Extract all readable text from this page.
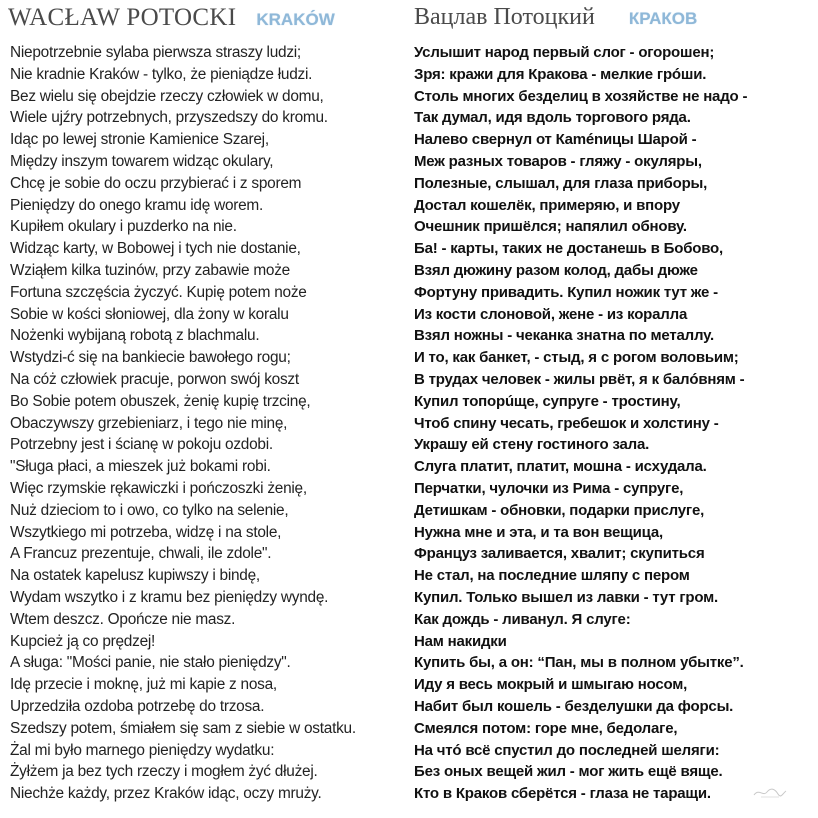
WACŁAW POTOCKI KRAKÓW	Вацлав Потоцкий КРАКОВ
Niepotrzebnie sylaba pierwsza straszy ludzi;
Nie kradnie Kraków - tylko, że pieniądze łudzi.
Bez wielu się obejdzie rzeczy człowiek w domu,
Wiele ujźry potrzebnych, przyszedszy do kromu.
Idąc po lewej stronie Kamienice Szarej,
Między inszym towarem widząc okulary,
Chcę je sobie do oczu przybierać i z sporem
Pieniędzy do onego kramu idę worem.
Kupiłem okulary i puzderko na nie.
Widząc karty, w Bobowej i tych nie dostanie,
Wziąłem kilka tuzinów, przy zabawie może
Fortuna szczęścia życzyć. Kupię potem noże
Sobie w kości słoniowej, dla żony w koralu
Nożenki wybijaną robotą z blachmalu.
Wstydzi-ć się na bankiecie bawołego rogu;
Na cóż człowiek pracuje, porwon swój koszt
Bo Sobie potem obuszek, żenię kupię trzcinę,
Obaczywszy grzebieniarz, i tego nie minę,
Potrzebny jest i ścianę w pokoju ozdobi.
"Sługa płaci, a mieszek już bokami robi.
Więc rzymskie rękawiczki i pończoszki żenię,
Nuż dzieciom to i owo, co tylko na selenie,
Wszytkiego mi potrzeba, widzę i na stole,
A Francuz prezentuje, chwali, ile zdole".
Na ostatek kapelusz kupiwszy i bindę,
Wydam wszytko i z kramu bez pieniędzy wyndę.
Wtem deszcz. Opończe nie masz.
Kupcież ją co prędzej!
A sługa: "Mości panie, nie stało pieniędzy".
Idę przecie i moknę, już mi kapie z nosa,
Uprzedziła ozdoba potrzebę do trzosa.
Szedszy potem, śmiałem się sam z siebie w ostatku.
Żal mi było marnego pieniędzy wydatku:
Żyłżem ja bez tych rzeczy i mogłem żyć dłużej.
Niechże każdy, przez Kraków idąc, oczy mruży.
Услышит народ первый слог - огорошен;
Зря: кражи для Кракова - мелкие грóши.
Столь многих безделиц в хозяйстве не надо -
Так думал, идя вдоль торгового ряда.
Налево свернул от Кaménицы Шарой -
Меж разных товаров - гляжу - окуляры,
Полезные, слышал, для глаза приборы,
Достал кошелёк, примеряю, и впору
Очешник пришёлся; напялил обнову.
Ба! - карты, таких не достанешь в Бобово,
Взял дюжину разом колод, дабы дюже
Фортуну привадить. Купил ножик тут же -
Из кости слоновой, жене - из коралла
Взял ножны - чеканка знатна по металлу.
И то, как банкет, - стыд, я с рогом воловьим;
В трудах человек - жилы рвёт, я к балóвням -
Купил топорúще, супруге - тростину,
Чтоб спину чесать, гребешок и холстину -
Украшу ей стену гостиного зала.
Слуга платит, платит, мошна - исхудала.
Перчатки, чулочки из Рима - супруге,
Детишкам - обновки, подарки прислуге,
Нужна мне и эта, и та вон вещица,
Француз заливается, хвалит; скупиться
Не стал, на последние шляпу с пером
Купил. Только вышел из лавки - тут гром.
Как дождь - ливанул. Я слуге:
Нам накидки
Купить бы, а он: “Пан, мы в полном убытке”.
Иду я весь мокрый и шмыгаю носом,
Набит был кошель - безделушки да форсы.
Смеялся потом: горе мне, бедолаге,
На чтó всё спустил до последней шеляги:
Без оных вещей жил - мог жить ещё вяще.
Кто в Краков сберётся - глаза не таращи.
